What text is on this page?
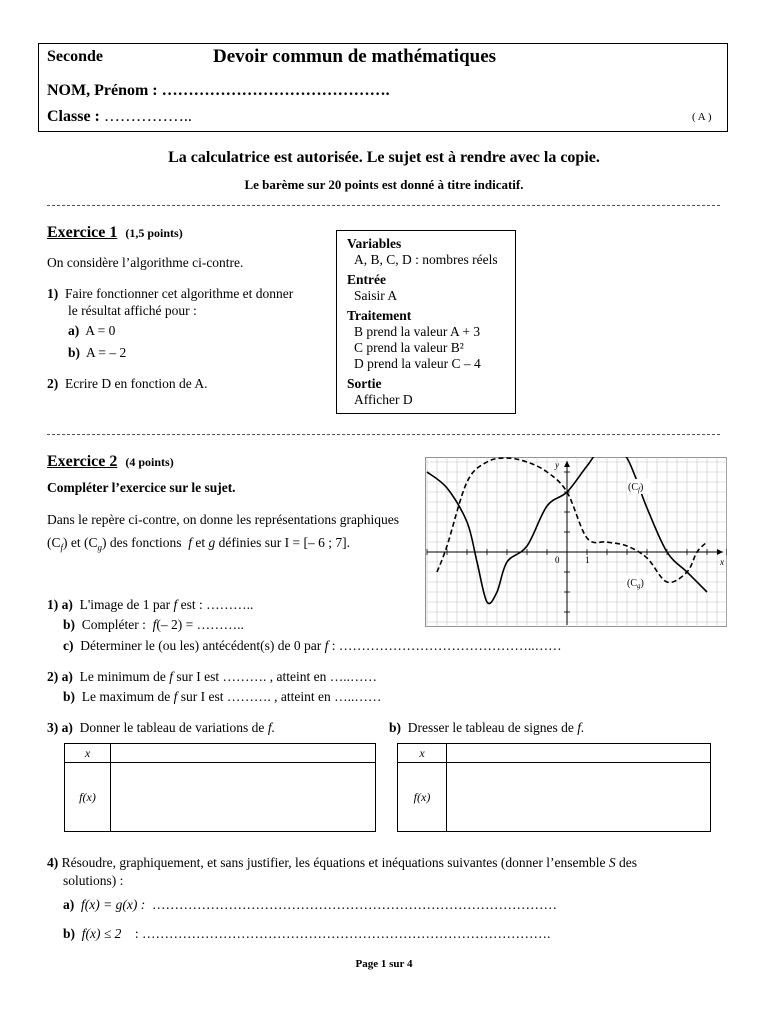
Seconde	Devoir commun de mathématiques
NOM, Prénom : …………………………………….
Classe : ……………..	( A )
La calculatrice est autorisée. Le sujet est à rendre avec la copie.
Le barème sur 20 points est donné à titre indicatif.
Exercice 1 (1,5 points)
On considère l’algorithme ci-contre.
1) Faire fonctionner cet algorithme et donner
le résultat affiché pour :
a) A = 0
b) A = – 2
2) Ecrire D en fonction de A.
Variables
A, B, C, D : nombres réels
Entrée
Saisir A
Traitement
B prend la valeur A + 3
C prend la valeur B²
D prend la valeur C – 4
Sortie
Afficher D
Exercice 2 (4 points)
Compléter l’exercice sur le sujet.
Dans le repère ci-contre, on donne les représentations graphiques
$(C_f)$ et $(C_g)$ des fonctions f et g définies sur I = [– 6 ; 7].
y
x
0	1
$(C_f)$
$(C_g)$
1) a) L'image de 1 par f est : ………..
b) Compléter : f(– 2) = ………..
c) Déterminer le (ou les) antécédent(s) de 0 par f : ……………………………………..……
2) a) Le minimum de f sur I est ………. , atteint en …..……
b) Le maximum de f sur I est ………. , atteint en …..……
3) a) Donner le tableau de variations de f.	b) Dresser le tableau de signes de f.
x	
f(x)	
x	
f(x)	
4) Résoudre, graphiquement, et sans justifier, les équations et inéquations suivantes (donner l’ensemble S des
solutions) :
a) f(x) = g(x) : ………………………………………………………………………………
b) f(x) ≤ 2 : ……………………………………………………………………………….
Page 1 sur 4
